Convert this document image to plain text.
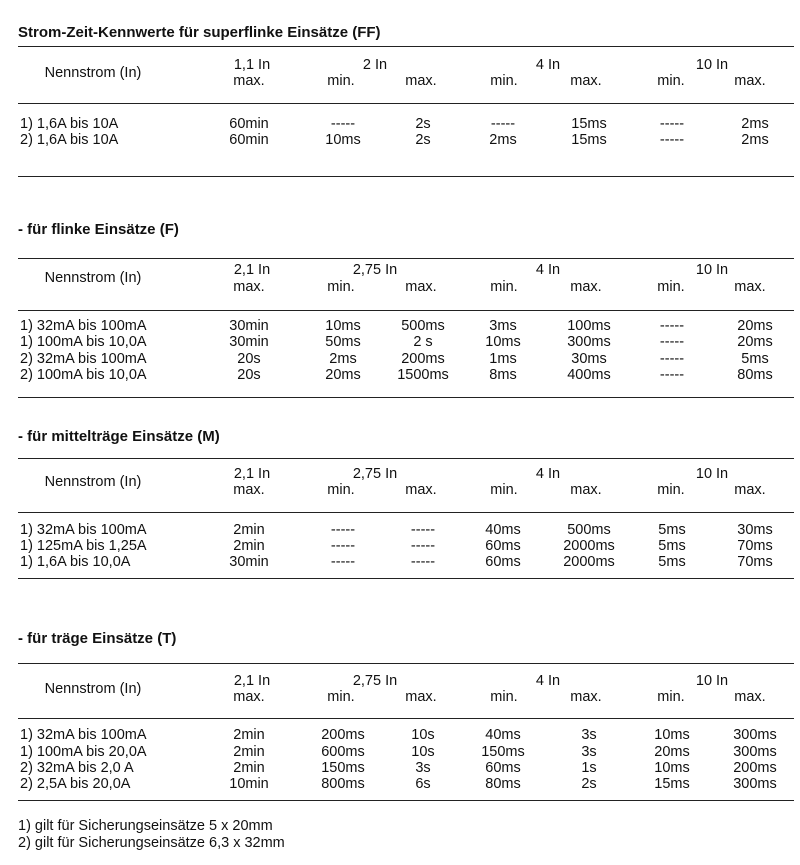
Strom-Zeit-Kennwerte für superflinke Einsätze (FF)
Nennstrom (In)	1,1 In	2 In	4 In	10 In
max.	min.	max.	min.	max.	min.	max.
1) 1,6A bis 10A	60min	-----	2s	-----	15ms	-----	2ms
2) 1,6A bis 10A	60min	10ms	2s	2ms	15ms	-----	2ms
- für flinke Einsätze (F)
Nennstrom (In)	2,1 In	2,75 In	4 In	10 In
max.	min.	max.	min.	max.	min.	max.
1) 32mA bis 100mA	30min	10ms	500ms	3ms	100ms	-----	20ms
1) 100mA bis 10,0A	30min	50ms	2 s	10ms	300ms	-----	20ms
2) 32mA bis 100mA	20s	2ms	200ms	1ms	30ms	-----	5ms
2) 100mA bis 10,0A	20s	20ms	1500ms	8ms	400ms	-----	80ms
- für mittelträge Einsätze (M)
Nennstrom (In)	2,1 In	2,75 In	4 In	10 In
max.	min.	max.	min.	max.	min.	max.
1) 32mA bis 100mA	2min	-----	-----	40ms	500ms	5ms	30ms
1) 125mA bis 1,25A	2min	-----	-----	60ms	2000ms	5ms	70ms
1) 1,6A bis 10,0A	30min	-----	-----	60ms	2000ms	5ms	70ms
- für träge Einsätze (T)
Nennstrom (In)	2,1 In	2,75 In	4 In	10 In
max.	min.	max.	min.	max.	min.	max.
1) 32mA bis 100mA	2min	200ms	10s	40ms	3s	10ms	300ms
1) 100mA bis 20,0A	2min	600ms	10s	150ms	3s	20ms	300ms
2) 32mA bis 2,0 A	2min	150ms	3s	60ms	1s	10ms	200ms
2) 2,5A bis 20,0A	10min	800ms	6s	80ms	2s	15ms	300ms
1) gilt für Sicherungseinsätze 5 x 20mm
2) gilt für Sicherungseinsätze 6,3 x 32mm
